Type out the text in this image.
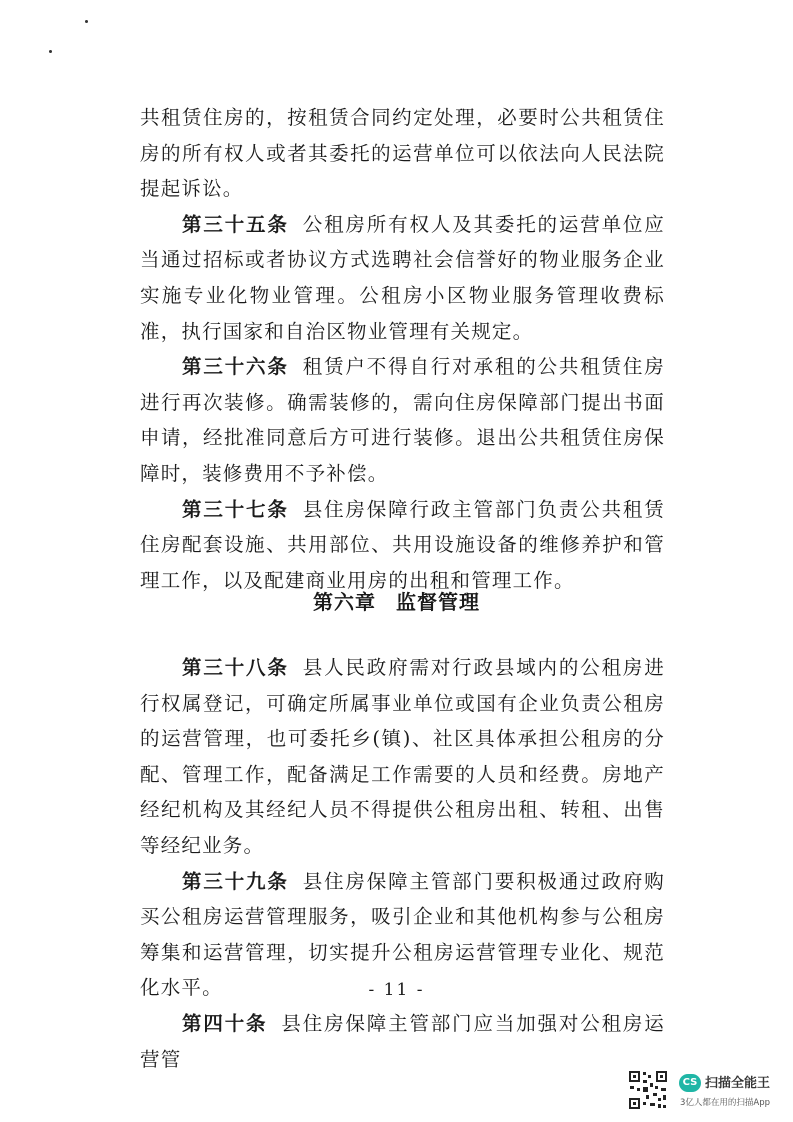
共租赁住房的，按租赁合同约定处理，必要时公共租赁住房的所有权人或者其委托的运营单位可以依法向人民法院提起诉讼。

第三十五条 公租房所有权人及其委托的运营单位应当通过招标或者协议方式选聘社会信誉好的物业服务企业实施专业化物业管理。公租房小区物业服务管理收费标准，执行国家和自治区物业管理有关规定。

第三十六条 租赁户不得自行对承租的公共租赁住房进行再次装修。确需装修的，需向住房保障部门提出书面申请，经批准同意后方可进行装修。退出公共租赁住房保障时，装修费用不予补偿。

第三十七条 县住房保障行政主管部门负责公共租赁住房配套设施、共用部位、共用设施设备的维修养护和管理工作，以及配建商业用房的出租和管理工作。

第六章 监督管理

第三十八条 县人民政府需对行政县域内的公租房进行权属登记，可确定所属事业单位或国有企业负责公租房的运营管理，也可委托乡(镇)、社区具体承担公租房的分配、管理工作，配备满足工作需要的人员和经费。房地产经纪机构及其经纪人员不得提供公租房出租、转租、出售等经纪业务。

第三十九条 县住房保障主管部门要积极通过政府购买公租房运营管理服务，吸引企业和其他机构参与公租房筹集和运营管理，切实提升公租房运营管理专业化、规范化水平。

第四十条 县住房保障主管部门应当加强对公租房运营管

- 11 -
CS 扫描全能王
3亿人都在用的扫描App
